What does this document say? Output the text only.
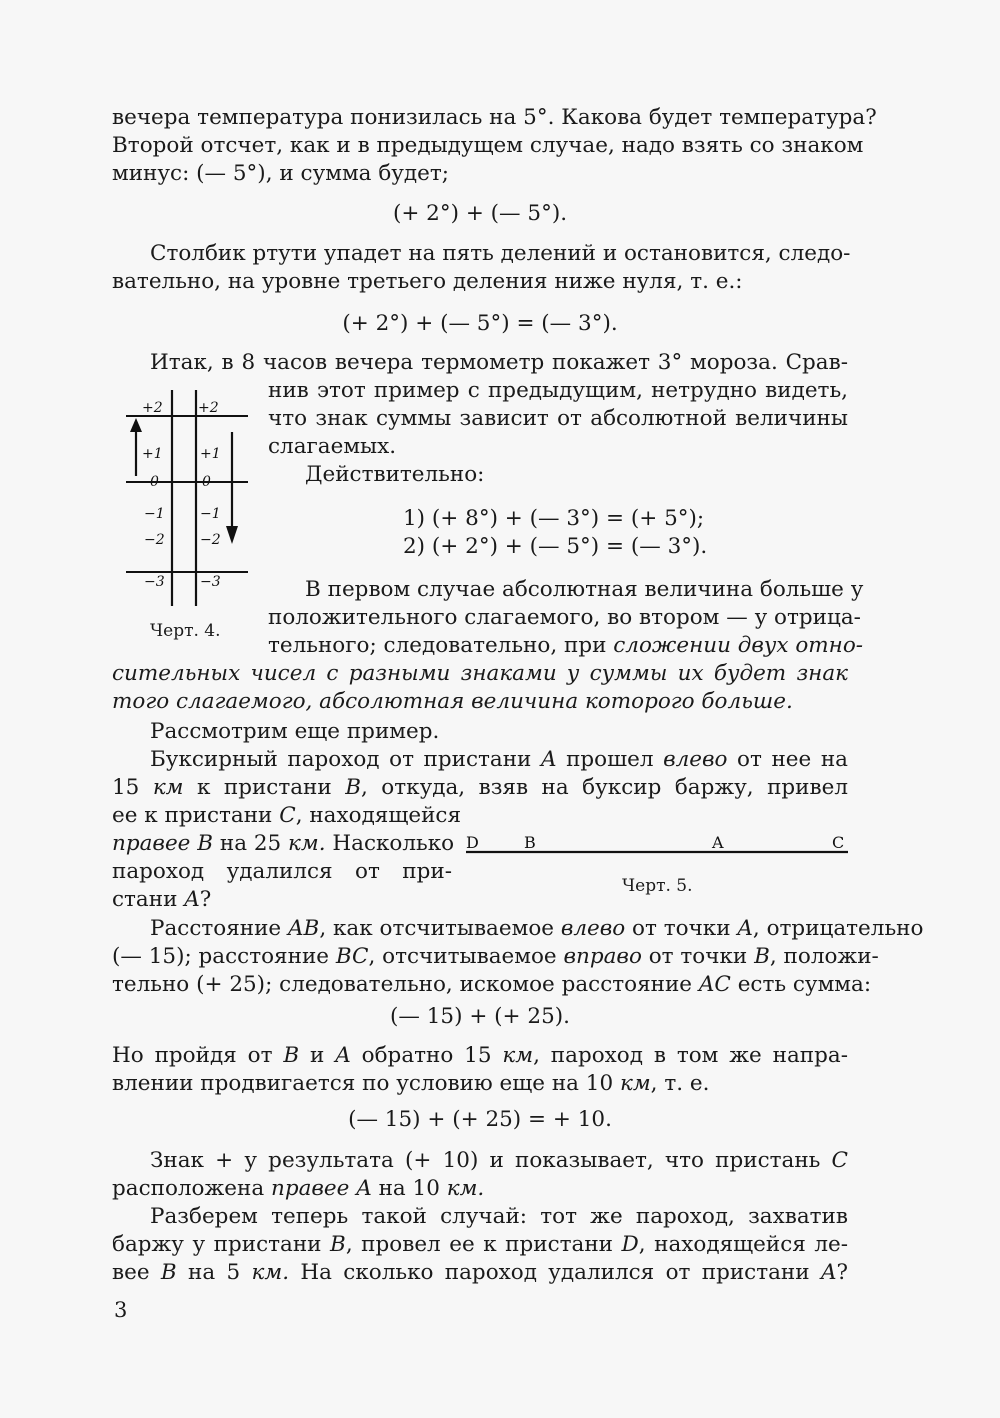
вечера температура понизилась на 5°. Какова будет температура?
Второй отсчет, как и в предыдущем случае, надо взять со знаком
минус: (— 5°), и сумма будет;
(+ 2°) + (— 5°).
Столбик ртути упадет на пять делений и остановится, следо-
вательно, на уровне третьего деления ниже нуля, т. е.:
(+ 2°) + (— 5°) = (— 3°).
Итак, в 8 часов вечера термометр покажет 3° мороза. Срав-
нив этот пример с предыдущим, нетрудно видеть,
что знак суммы зависит от абсолютной величины
слагаемых.
Действительно:
1) (+ 8°) + (— 3°) = (+ 5°);
2) (+ 2°) + (— 5°) = (— 3°).
В первом случае абсолютная величина больше у
положительного слагаемого, во втором — у отрица-
тельного; следовательно, при сложении двух отно-
сительных чисел с разными знаками у суммы их будет знак
того слагаемого, абсолютная величина которого больше.
Рассмотрим еще пример.
Буксирный пароход от пристани A прошел влево от нее на
15 км к пристани B, откуда, взяв на буксир баржу, привел
ее к пристани C, находящейся
правее B на 25 км. Насколько
пароход удалился от при-
стани A?
Расстояние AB, как отсчитываемое влево от точки A, отрицательно
(— 15); расстояние BC, отсчитываемое вправо от точки B, положи-
тельно (+ 25); следовательно, искомое расстояние AC есть сумма:
(— 15) + (+ 25).
Но пройдя от B и A обратно 15 км, пароход в том же напра-
влении продвигается по условию еще на 10 км, т. е.
(— 15) + (+ 25) = + 10.
Знак + у результата (+ 10) и показывает, что пристань C
расположена правее A на 10 км.
Разберем теперь такой случай: тот же пароход, захватив
баржу у пристани B, провел ее к пристани D, находящейся ле-
вее B на 5 км. На сколько пароход удалился от пристани A?
+2
+1
0
−1
−2
−3
+2
+1
0
−1
−2
−3
Черт. 4.
D	B	A	C
Черт. 5.
3
